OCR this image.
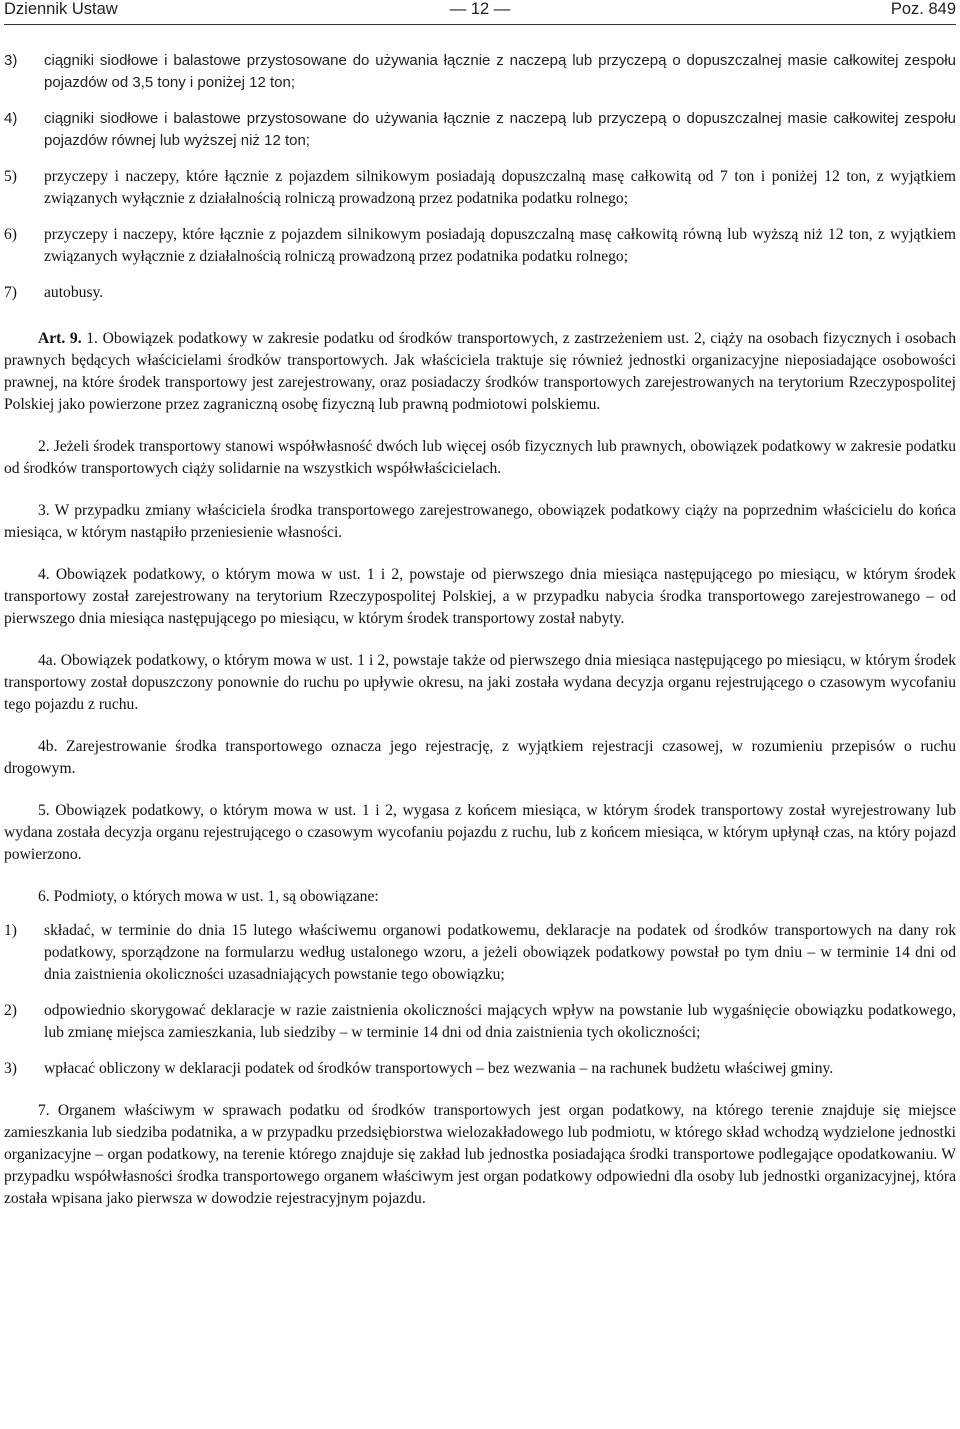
Dziennik Ustaw	— 12 —	Poz. 849
3)	ciągniki siodłowe i balastowe przystosowane do używania łącznie z naczepą lub przyczepą o dopuszczalnej masie całkowitej zespołu pojazdów od 3,5 tony i poniżej 12 ton;
4)	ciągniki siodłowe i balastowe przystosowane do używania łącznie z naczepą lub przyczepą o dopuszczalnej masie całkowitej zespołu pojazdów równej lub wyższej niż 12 ton;
5)	przyczepy i naczepy, które łącznie z pojazdem silnikowym posiadają dopuszczalną masę całkowitą od 7 ton i poniżej 12 ton, z wyjątkiem związanych wyłącznie z działalnością rolniczą prowadzoną przez podatnika podatku rolnego;
6)	przyczepy i naczepy, które łącznie z pojazdem silnikowym posiadają dopuszczalną masę całkowitą równą lub wyższą niż 12 ton, z wyjątkiem związanych wyłącznie z działalnością rolniczą prowadzoną przez podatnika podatku rolnego;
7)	autobusy.

Art. 9. 1. Obowiązek podatkowy w zakresie podatku od środków transportowych, z zastrzeżeniem ust. 2, ciąży na osobach fizycznych i osobach prawnych będących właścicielami środków transportowych. Jak właściciela traktuje się również jednostki organizacyjne nieposiadające osobowości prawnej, na które środek transportowy jest zarejestrowany, oraz posiadaczy środków transportowych zarejestrowanych na terytorium Rzeczypospolitej Polskiej jako powierzone przez zagraniczną osobę fizyczną lub prawną podmiotowi polskiemu.

2. Jeżeli środek transportowy stanowi współwłasność dwóch lub więcej osób fizycznych lub prawnych, obowiązek podatkowy w zakresie podatku od środków transportowych ciąży solidarnie na wszystkich współwłaścicielach.

3. W przypadku zmiany właściciela środka transportowego zarejestrowanego, obowiązek podatkowy ciąży na poprzednim właścicielu do końca miesiąca, w którym nastąpiło przeniesienie własności.

4. Obowiązek podatkowy, o którym mowa w ust. 1 i 2, powstaje od pierwszego dnia miesiąca następującego po miesiącu, w którym środek transportowy został zarejestrowany na terytorium Rzeczypospolitej Polskiej, a w przypadku nabycia środka transportowego zarejestrowanego – od pierwszego dnia miesiąca następującego po miesiącu, w którym środek transportowy został nabyty.

4a. Obowiązek podatkowy, o którym mowa w ust. 1 i 2, powstaje także od pierwszego dnia miesiąca następującego po miesiącu, w którym środek transportowy został dopuszczony ponownie do ruchu po upływie okresu, na jaki została wydana decyzja organu rejestrującego o czasowym wycofaniu tego pojazdu z ruchu.

4b. Zarejestrowanie środka transportowego oznacza jego rejestrację, z wyjątkiem rejestracji czasowej, w rozumieniu przepisów o ruchu drogowym.

5. Obowiązek podatkowy, o którym mowa w ust. 1 i 2, wygasa z końcem miesiąca, w którym środek transportowy został wyrejestrowany lub wydana została decyzja organu rejestrującego o czasowym wycofaniu pojazdu z ruchu, lub z końcem miesiąca, w którym upłynął czas, na który pojazd powierzono.

6. Podmioty, o których mowa w ust. 1, są obowiązane:

1)	składać, w terminie do dnia 15 lutego właściwemu organowi podatkowemu, deklaracje na podatek od środków transportowych na dany rok podatkowy, sporządzone na formularzu według ustalonego wzoru, a jeżeli obowiązek podatkowy powstał po tym dniu – w terminie 14 dni od dnia zaistnienia okoliczności uzasadniających powstanie tego obowiązku;
2)	odpowiednio skorygować deklaracje w razie zaistnienia okoliczności mających wpływ na powstanie lub wygaśnięcie obowiązku podatkowego, lub zmianę miejsca zamieszkania, lub siedziby – w terminie 14 dni od dnia zaistnienia tych okoliczności;
3)	wpłacać obliczony w deklaracji podatek od środków transportowych – bez wezwania – na rachunek budżetu właściwej gminy.

7. Organem właściwym w sprawach podatku od środków transportowych jest organ podatkowy, na którego terenie znajduje się miejsce zamieszkania lub siedziba podatnika, a w przypadku przedsiębiorstwa wielozakładowego lub podmiotu, w którego skład wchodzą wydzielone jednostki organizacyjne – organ podatkowy, na terenie którego znajduje się zakład lub jednostka posiadająca środki transportowe podlegające opodatkowaniu. W przypadku współwłasności środka transportowego organem właściwym jest organ podatkowy odpowiedni dla osoby lub jednostki organizacyjnej, która została wpisana jako pierwsza w dowodzie rejestracyjnym pojazdu.
